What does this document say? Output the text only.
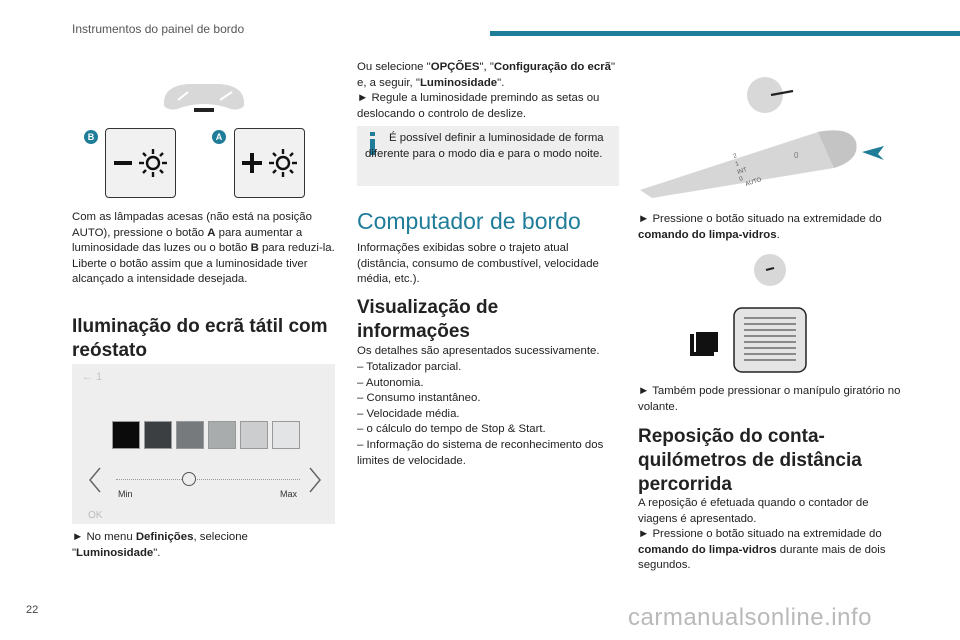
Instrumentos do painel de bordo
B	A

Com as lâmpadas acesas (não está na posição AUTO), pressione o botão A para aumentar a luminosidade das luzes ou o botão B para reduzi-la.
Liberte o botão assim que a luminosidade tiver alcançado a intensidade desejada.

Iluminação do ecrã tátil com reóstato
← 1
Min	Max
OK

► No menu Definições, selecione "Luminosidade".

Ou selecione "OPÇÕES", "Configuração do ecrã" e, a seguir, "Luminosidade".
► Regule a luminosidade premindo as setas ou deslocando o controlo de deslize.

É possível definir a luminosidade de forma diferente para o modo dia e para o modo noite.

Computador de bordo

Informações exibidas sobre o trajeto atual (distância, consumo de combustível, velocidade média, etc.).

Visualização de informações

Os detalhes são apresentados sucessivamente.

– Totalizador parcial.
– Autonomia.
– Consumo instantâneo.
– Velocidade média.
– o cálculo do tempo de Stop & Start.
– Informação do sistema de reconhecimento dos limites de velocidade.
2
1
INT
0 AUTO
0

► Pressione o botão situado na extremidade do comando do limpa-vidros.

► Também pode pressionar o manípulo giratório no volante.

Reposição do conta-quilómetros de distância percorrida

A reposição é efetuada quando o contador de viagens é apresentado.

► Pressione o botão situado na extremidade do comando do limpa-vidros durante mais de dois segundos.

22	carmanualsonline.info
